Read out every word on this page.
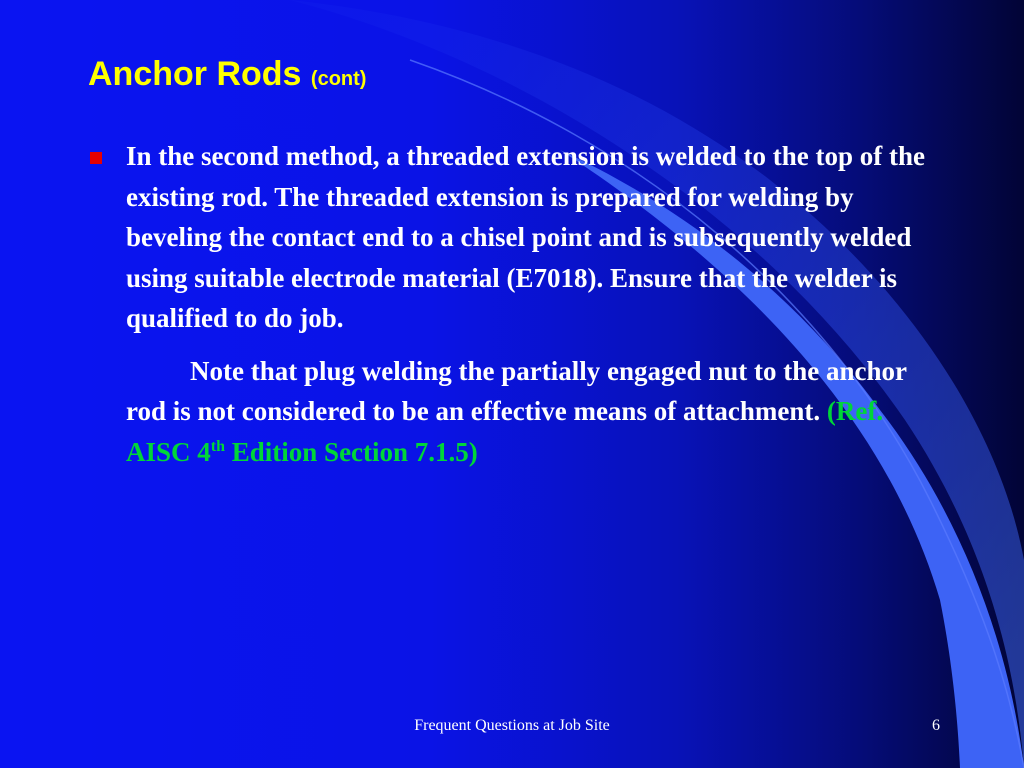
Anchor Rods (cont)

In the second method, a threaded extension is welded to the top of the existing rod. The threaded extension is prepared for welding by beveling the contact end to a chisel point and is subsequently welded using suitable electrode material (E7018). Ensure that the welder is qualified to do job.

Note that plug welding the partially engaged nut to the anchor rod is not considered to be an effective means of attachment. (Ref. AISC 4th Edition Section 7.1.5)

Frequent Questions at Job Site	6
